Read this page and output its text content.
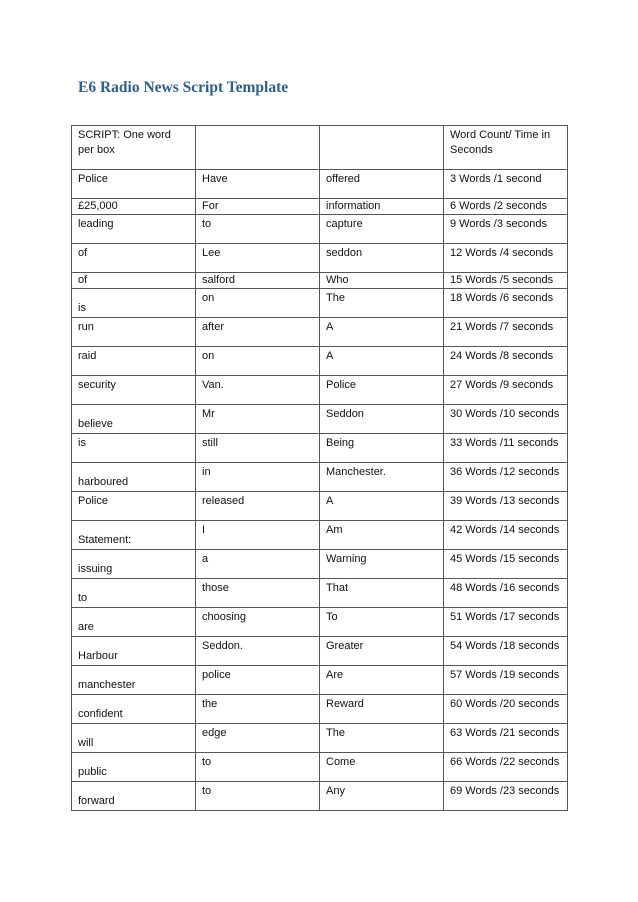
E6 Radio News Script Template
SCRIPT: One word per box			Word Count/ Time in Seconds
Police	Have	offered	3 Words /1 second
£25,000	For	information	6 Words /2 seconds
leading	to	capture	9 Words /3 seconds
of	Lee	seddon	12 Words /4 seconds
of	salford	Who	15 Words /5 seconds
is	on	The	18 Words /6 seconds
run	after	A	21 Words /7 seconds
raid	on	A	24 Words /8 seconds
security	Van.	Police	27 Words /9 seconds
believe	Mr	Seddon	30 Words /10 seconds
is	still	Being	33 Words /11 seconds
harboured	in	Manchester.	36 Words /12 seconds
Police	released	A	39 Words /13 seconds
Statement:	I	Am	42 Words /14 seconds
issuing	a	Warning	45 Words /15 seconds
to	those	That	48 Words /16 seconds
are	choosing	To	51 Words /17 seconds
Harbour	Seddon.	Greater	54 Words /18 seconds
manchester	police	Are	57 Words /19 seconds
confident	the	Reward	60 Words /20 seconds
will	edge	The	63 Words /21 seconds
public	to	Come	66 Words /22 seconds
forward	to	Any	69 Words /23 seconds
